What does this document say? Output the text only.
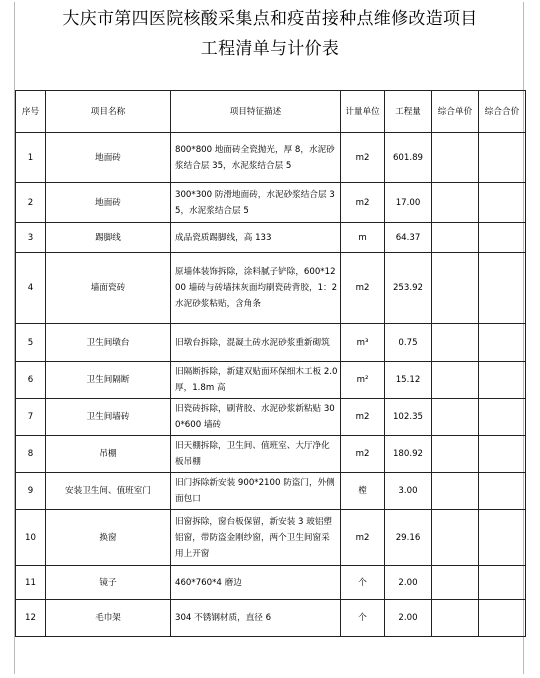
大庆市第四医院核酸采集点和疫苗接种点维修改造项目
工程清单与计价表
序号	项目名称	项目特征描述	计量单位	工程量	综合单价	综合合价
1	地面砖	800*800 地面砖全瓷抛光，厚 8，水泥砂浆结合层 35，水泥浆结合层 5	m2	601.89		
2	地面砖	300*300 防滑地面砖，水泥砂浆结合层 35，水泥浆结合层 5	m2	17.00		
3	踢脚线	成品瓷质踢脚线，高 133	m	64.37		
4	墙面瓷砖	原墙体装饰拆除，涂料腻子铲除，600*1200 墙砖与砖墙抹灰面均刷瓷砖背胶，1：2 水泥砂浆粘贴，含角条	m2	253.92		
5	卫生间墩台	旧墩台拆除，混凝土砖水泥砂浆重新砌筑	m³	0.75		
6	卫生间隔断	旧隔断拆除，新建双贴面环保细木工板 2.0 厚，1.8m 高	m²	15.12		
7	卫生间墙砖	旧瓷砖拆除，刷背胶、水泥砂浆新粘贴 300*600 墙砖	m2	102.35		
8	吊棚	旧天棚拆除，卫生间、值班室、大厅净化板吊棚	m2	180.92		
9	安装卫生间、值班室门	旧门拆除新安装 900*2100 防盗门，外侧面包口	樘	3.00		
10	换窗	旧窗拆除，窗台板保留，新安装 3 玻铝塑铝窗，带防盗金刚纱窗，两个卫生间窗采用上开窗	m2	29.16		
11	镜子	460*760*4 磨边	个	2.00		
12	毛巾架	304 不锈钢材质，直径 6	个	2.00		
